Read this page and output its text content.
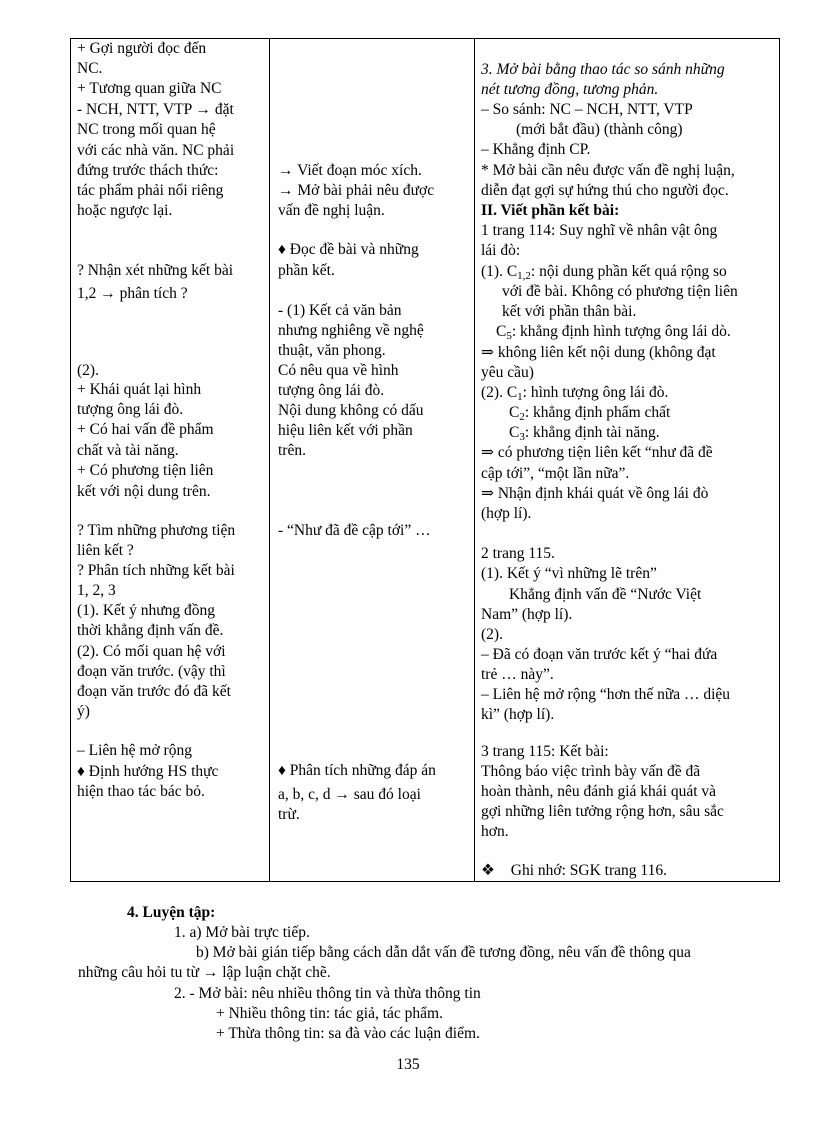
+ Gợi người đọc đến
NC.
+ Tương quan giữa NC
- NCH, NTT, VTP → đặt
NC trong mối quan hệ
với các nhà văn. NC phải
đứng trước thách thức:
tác phẩm phải nổi riêng
hoặc ngược lại.
? Nhận xét những kết bài
1,2 → phân tích ?
(2).
+ Khái quát lại hình
tượng ông lái đò.
+ Có hai vấn đề phẩm
chất và tài năng.
+ Có phương tiện liên
kết với nội dung trên.
? Tìm những phương tiện
liên kết ?
? Phân tích những kết bài
1, 2, 3
(1). Kết ý nhưng đồng
thời khẳng định vấn đề.
(2). Có mối quan hệ với
đoạn văn trước. (vậy thì
đoạn văn trước đó đã kết
ý)
– Liên hệ mở rộng
♦ Định hướng HS thực
hiện thao tác bác bỏ.
→ Viết đoạn móc xích.
→ Mở bài phải nêu được
vấn đề nghị luận.
♦ Đọc đề bài và những
phần kết.
- (1) Kết cả văn bản
nhưng nghiêng về nghệ
thuật, văn phong.
Có nêu qua về hình
tượng ông lái đò.
Nội dung không có dấu
hiệu liên kết với phần
trên.
- “Như đã đề cập tới” …
♦ Phân tích những đáp án
a, b, c, d → sau đó loại
trừ.
3. Mở bài bằng thao tác so sánh những
nét tương đồng, tương phản.
– So sánh: NC – NCH, NTT, VTP
(mới bắt đầu) (thành công)
– Khẳng định CP.
* Mở bài cần nêu được vấn đề nghị luận,
diễn đạt gợi sự hứng thú cho người đọc.
II. Viết phần kết bài:
1 trang 114: Suy nghĩ về nhân vật ông
lái đò:
(1). $C_{1,2}$: nội dung phần kết quá rộng so
với đề bài. Không có phương tiện liên
kết với phần thân bài.
$C_5$: khẳng định hình tượng ông lái dò.
⇒ không liên kết nội dung (không đạt
yêu cầu)
(2). $C_1$: hình tượng ông lái đò.
$C_2$: khẳng định phẩm chất
$C_3$: khẳng định tài năng.
⇒ có phương tiện liên kết “như đã đề
cập tới”, “một lần nữa”.
⇒ Nhận định khái quát về ông lái đò
(hợp lí).
2 trang 115.
(1). Kết ý “vì những lẽ trên”
Khẳng định vấn đề “Nước Việt
Nam” (hợp lí).
(2).
– Đã có đoạn văn trước kết ý “hai đứa
trẻ … này”.
– Liên hệ mở rộng “hơn thế nữa … diệu
kì” (hợp lí).
3 trang 115: Kết bài:
Thông báo việc trình bày vấn đề đã
hoàn thành, nêu đánh giá khái quát và
gợi những liên tưởng rộng hơn, sâu sắc
hơn.
❖ Ghi nhớ: SGK trang 116.
4. Luyện tập:
1. a) Mở bài trực tiếp.
b) Mở bài gián tiếp bằng cách dẫn dắt vấn đề tương đồng, nêu vấn đề thông qua
những câu hỏi tu từ → lập luận chặt chẽ.
2. - Mở bài: nêu nhiều thông tin và thừa thông tin
+ Nhiều thông tin: tác giả, tác phẩm.
+ Thừa thông tin: sa đà vào các luận điểm.
135
